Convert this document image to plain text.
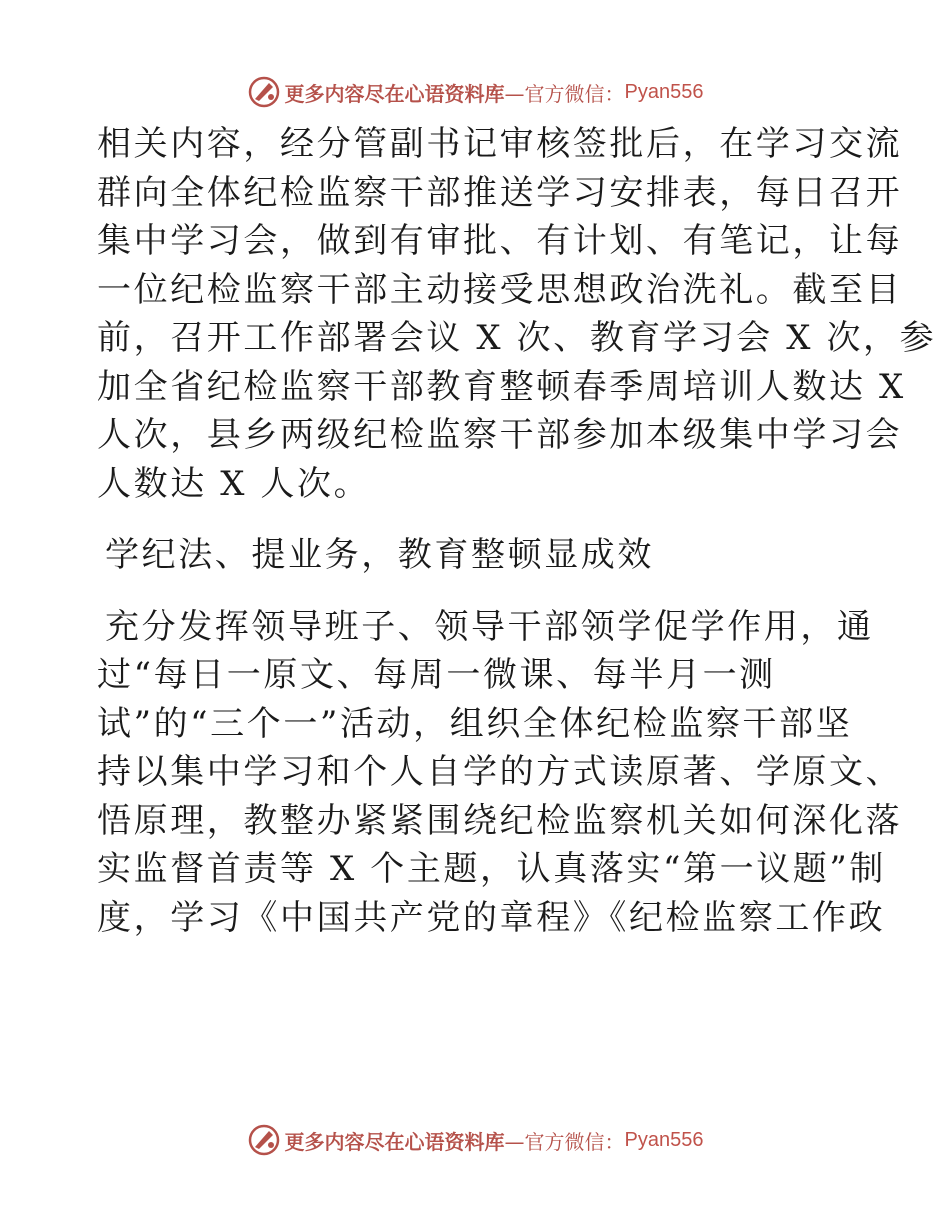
更多内容尽在心语资料库 —官方微信： Pyan556
相关内容，经分管副书记审核签批后，在学习交流
群向全体纪检监察干部推送学习安排表，每日召开
集中学习会，做到有审批、有计划、有笔记，让每
一位纪检监察干部主动接受思想政治洗礼。截至目
前，召开工作部署会议 X 次、教育学习会 X 次，参
加全省纪检监察干部教育整顿春季周培训人数达 X
人次，县乡两级纪检监察干部参加本级集中学习会
人数达 X 人次。
学纪法、提业务，教育整顿显成效
充分发挥领导班子、领导干部领学促学作用，通
过“每日一原文、每周一微课、每半月一测
试”的“三个一”活动，组织全体纪检监察干部坚
持以集中学习和个人自学的方式读原著、学原文、
悟原理，教整办紧紧围绕纪检监察机关如何深化落
实监督首责等 X 个主题，认真落实“第一议题”制
度，学习《中国共产党的章程》《纪检监察工作政
更多内容尽在心语资料库 —官方微信： Pyan556
